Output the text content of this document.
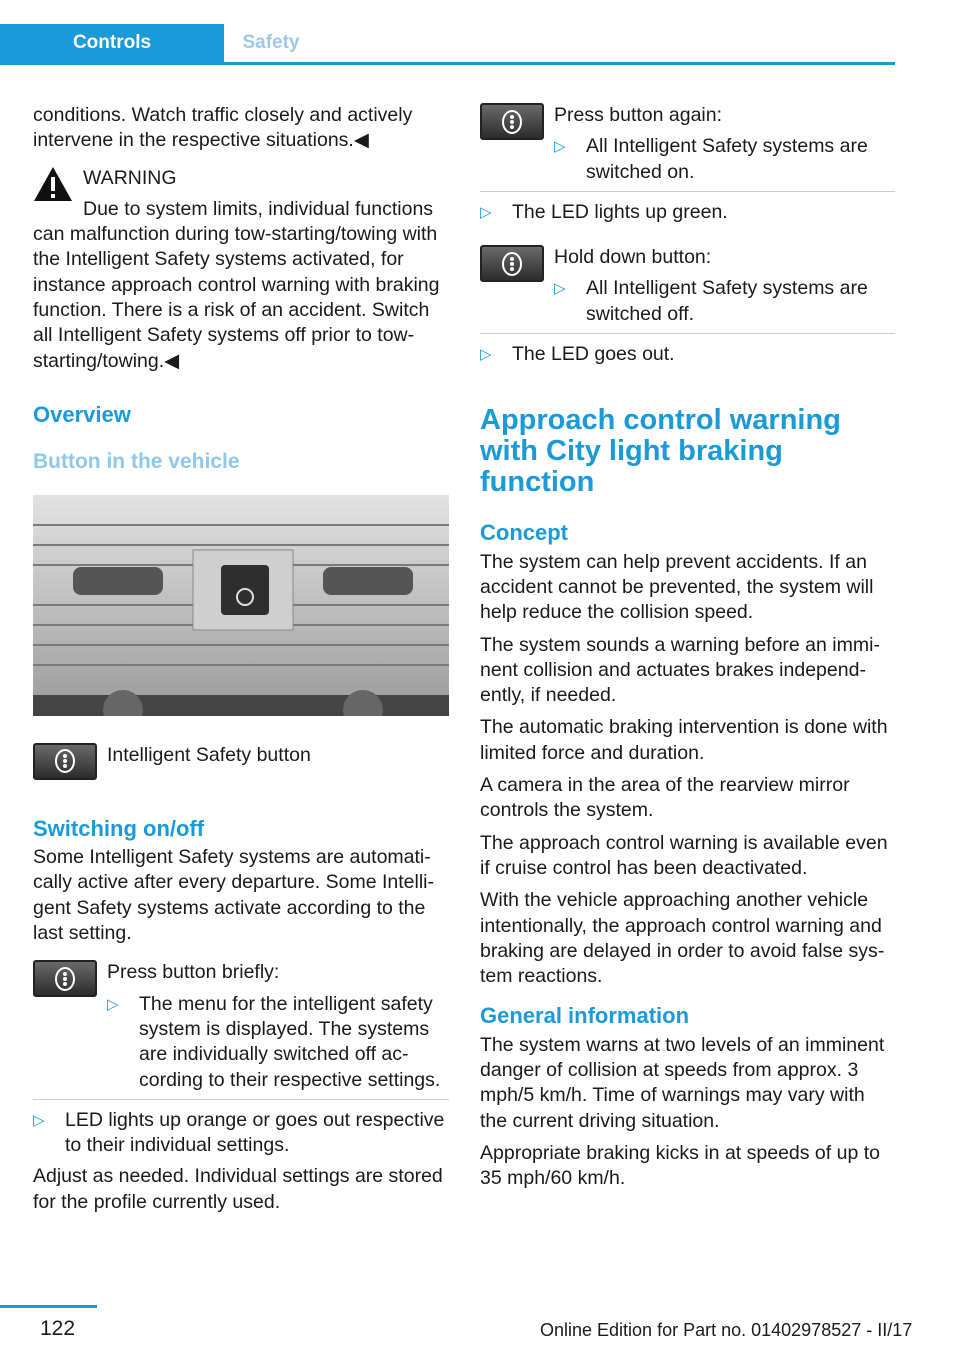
Controls	Safety

conditions. Watch traffic closely and actively intervene in the respective situations.◀

WARNING
Due to system limits, individual functions

can malfunction during tow-starting/towing with the Intelligent Safety systems activated, for instance approach control warning with braking function. There is a risk of an accident. Switch all Intelligent Safety systems off prior to tow-starting/towing.◀

Overview
Button in the vehicle
Intelligent Safety button
Switching on/off

Some Intelligent Safety systems are automatically active after every departure. Some Intelligent Safety systems activate according to the last setting.

Press button briefly:
▷	The menu for the intelligent safety system is displayed. The systems are individually switched off according to their respective settings.
▷	LED lights up orange or goes out respective to their individual settings.

Adjust as needed. Individual settings are stored for the profile currently used.

Press button again:
▷	All Intelligent Safety systems are switched on.
▷	The LED lights up green.
Hold down button:
▷	All Intelligent Safety systems are switched off.
▷	The LED goes out.
Approach control warning with City light braking function
Concept

The system can help prevent accidents. If an accident cannot be prevented, the system will help reduce the collision speed.

The system sounds a warning before an imminent collision and actuates brakes independently, if needed.

The automatic braking intervention is done with limited force and duration.

A camera in the area of the rearview mirror controls the system.

The approach control warning is available even if cruise control has been deactivated.

With the vehicle approaching another vehicle intentionally, the approach control warning and braking are delayed in order to avoid false system reactions.

General information

The system warns at two levels of an imminent danger of collision at speeds from approx. 3 mph/5 km/h. Time of warnings may vary with the current driving situation.

Appropriate braking kicks in at speeds of up to 35 mph/60 km/h.

122	Online Edition for Part no. 01402978527 - II/17
